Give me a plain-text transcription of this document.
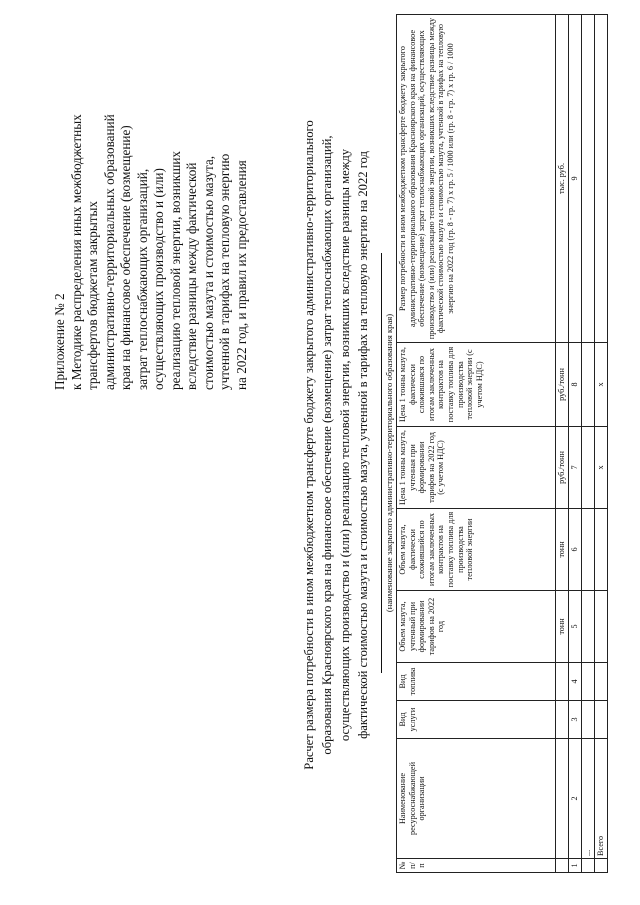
Приложение № 2 к Методике распределения иных межбюджетных трансфертов бюджетам закрытых административно-территориальных образований края на финансовое обеспечение (возмещение) затрат теплоснабжающих организаций, осуществляющих производство и (или) реализацию тепловой энергии, возникших вследствие разницы между фактической стоимостью мазута и стоимостью мазута, учтенной в тарифах на тепловую энергию на 2022 год, и правил их предоставления	Расчет размера потребности в ином межбюджетном трансферте бюджету закрытого административно-территориального образования Красноярского края на финансовое обеспечение (возмещение) затрат теплоснабжающих организаций, осуществляющих производство и (или) реализацию тепловой энергии, возникших вследствие разницы между фактической стоимостью мазута и стоимостью мазута, учтенной в тарифах на тепловую энергию на 2022 год (наименование закрытого административно-территориального образования края)
№ п/п	Наименование ресурсоснабжающей организации	Вид услуги	Вид топлива	Объем мазута, учтенный при формировании тарифов на 2022 год	Объем мазута, фактически сложившийся по итогам заключенных контрактов на поставку топлива для производства тепловой энергии	Цена 1 тонны мазута, учтенная при формировании тарифов на 2022 год (с учетом НДС)	Цена 1 тонны мазута, фактически сложившаяся по итогам заключенных контрактов на поставку топлива для производства тепловой энергии (с учетом НДС)	Размер потребности в ином межбюджетном трансферте бюджету закрытого административно-территориального образования Красноярского края на финансовое обеспечение (возмещение) затрат теплоснабжающих организаций, осуществляющих производство и (или) реализацию тепловой энергии, возникших вследствие разницы между фактической стоимостью мазута и стоимостью мазута, учтенной в тарифах на тепловую энергию на 2022 год (гр. 8 - гр. 7) х гр. 5 / 1000 или (гр. 8 - гр. 7) х гр. 6 / 1000
				тонн	тонн	руб./тонн	руб./тонн	тыс. руб.
1	2	3	4	5	6	7	8	9
	...							
	Всего					x	x	
